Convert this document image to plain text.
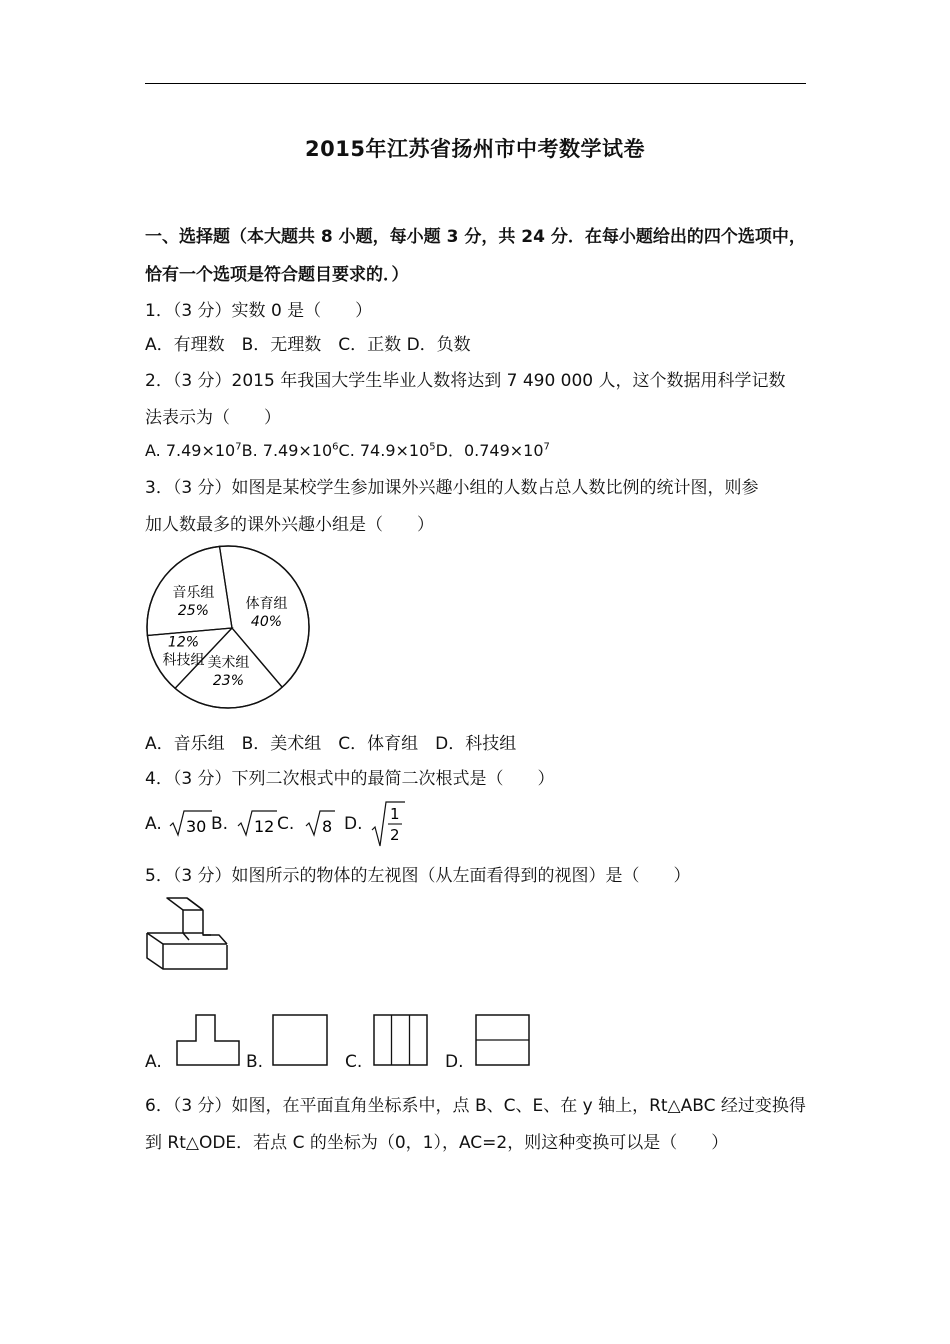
2015年江苏省扬州市中考数学试卷
一、选择题（本大题共 8 小题，每小题 3 分，共 24 分．在每小题给出的四个选项中，
恰有一个选项是符合题目要求的．）
1．（3 分）实数 0 是（　　）
A．有理数　B．无理数　C．正数 D．负数
2．（3 分）2015 年我国大学生毕业人数将达到 7 490 000 人，这个数据用科学记数
法表示为（　　）
A. $7.49\times 10^7B$. $7.49\times 10^6C$. $74.9\times 10^5D$．$0.749\times 10^7$
3．（3 分）如图是某校学生参加课外兴趣小组的人数占总人数比例的统计图，则参
加人数最多的课外兴趣小组是（　　）
体育组
40%
美术组
23%
科技组
12%
音乐组
25%
A．音乐组　B．美术组　C．体育组　D．科技组
4．（3 分）下列二次根式中的最简二次根式是（　　）
A. 30 B. 12 C. 8 D. 1
2
5．（3 分）如图所示的物体的左视图（从左面看得到的视图）是（　　）
A.	B.	C.	D.
6．（3 分）如图，在平面直角坐标系中，点 B、C、E、在 y 轴上，Rt△ABC 经过变换得
到 Rt△ODE．若点 C 的坐标为（0，1），AC=2，则这种变换可以是（　　）
